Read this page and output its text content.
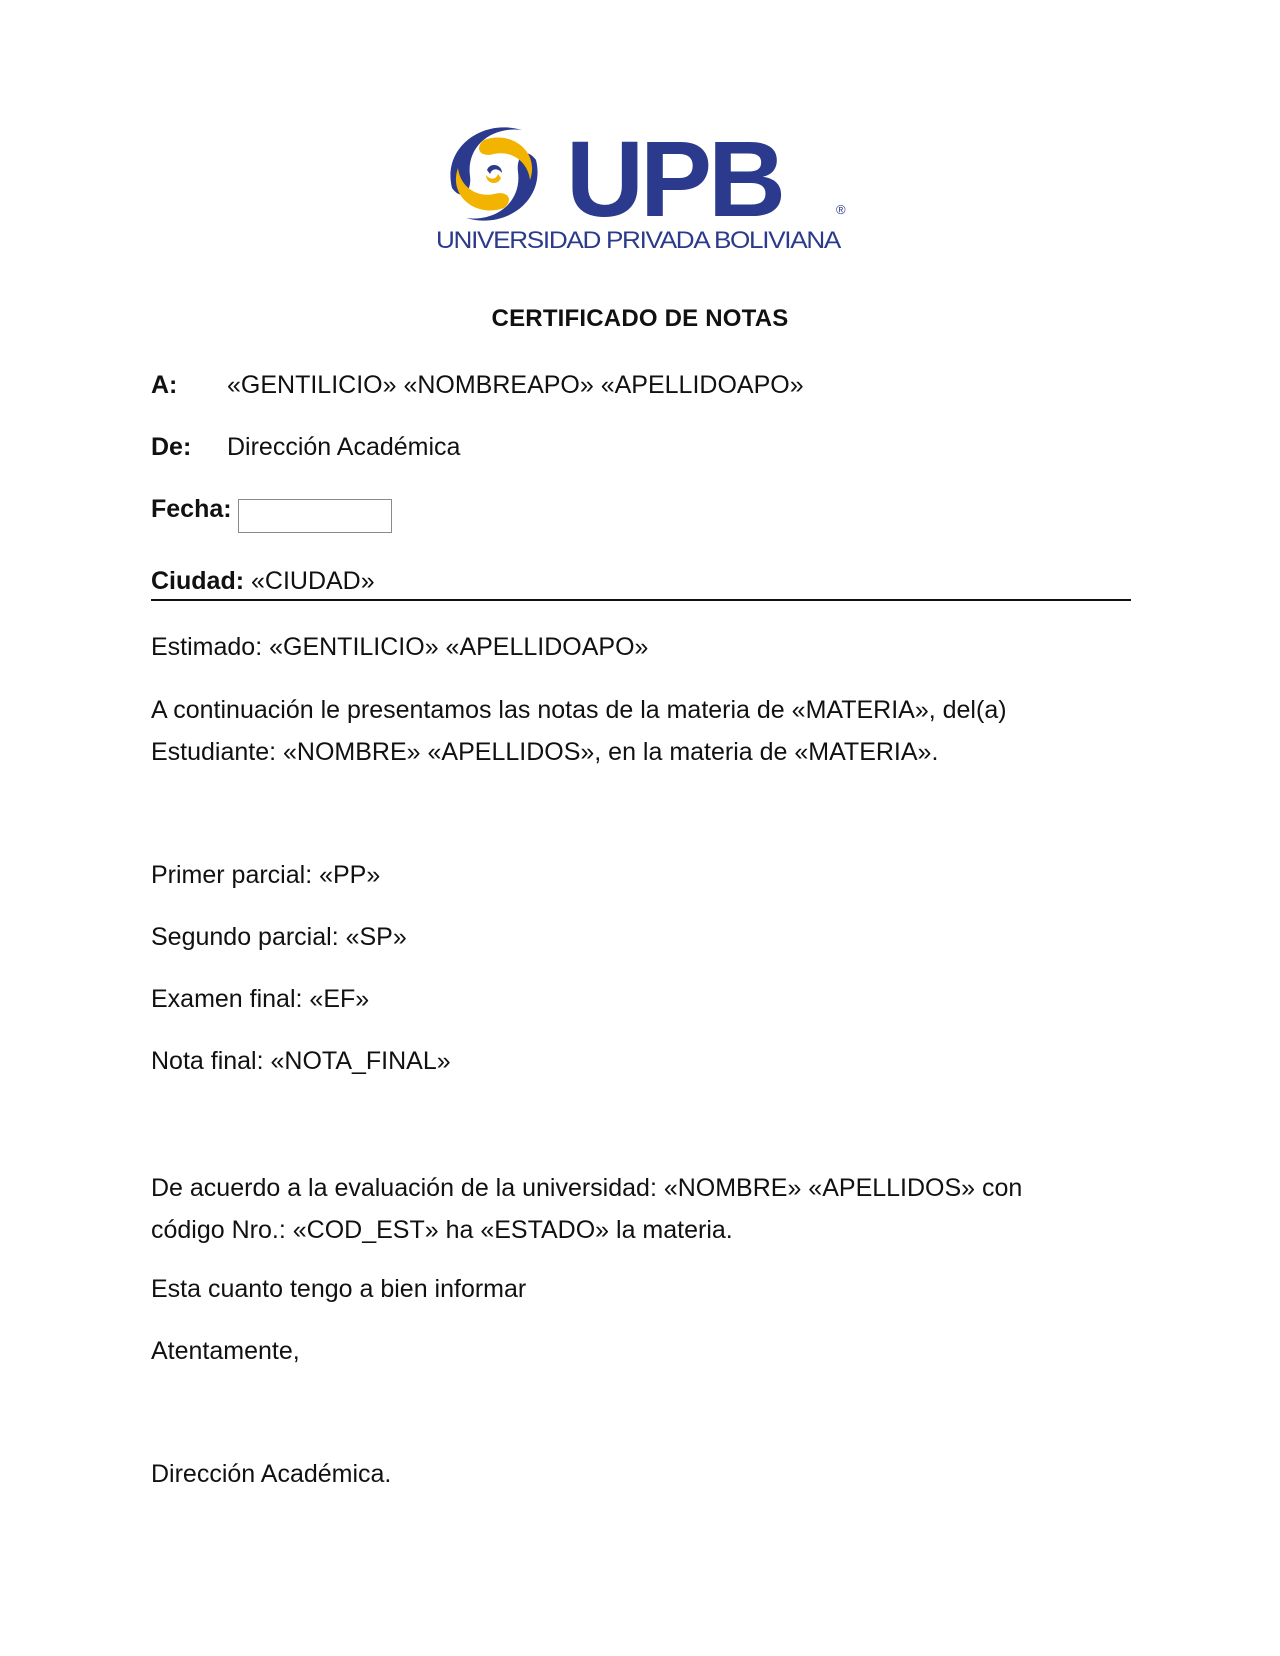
UPB	®
UNIVERSIDAD PRIVADA BOLIVIANA
CERTIFICADO DE NOTAS
A: «GENTILICIO» «NOMBREAPO» «APELLIDOAPO»
De: Dirección Académica
Fecha:
Ciudad: «CIUDAD»
Estimado: «GENTILICIO» «APELLIDOAPO»
A continuación le presentamos las notas de la materia de «MATERIA», del(a)
Estudiante: «NOMBRE» «APELLIDOS», en la materia de «MATERIA».
Primer parcial: «PP»
Segundo parcial: «SP»
Examen final: «EF»
Nota final: «NOTA_FINAL»
De acuerdo a la evaluación de la universidad: «NOMBRE» «APELLIDOS» con
código Nro.: «COD_EST» ha «ESTADO» la materia.
Esta cuanto tengo a bien informar
Atentamente,
Dirección Académica.
